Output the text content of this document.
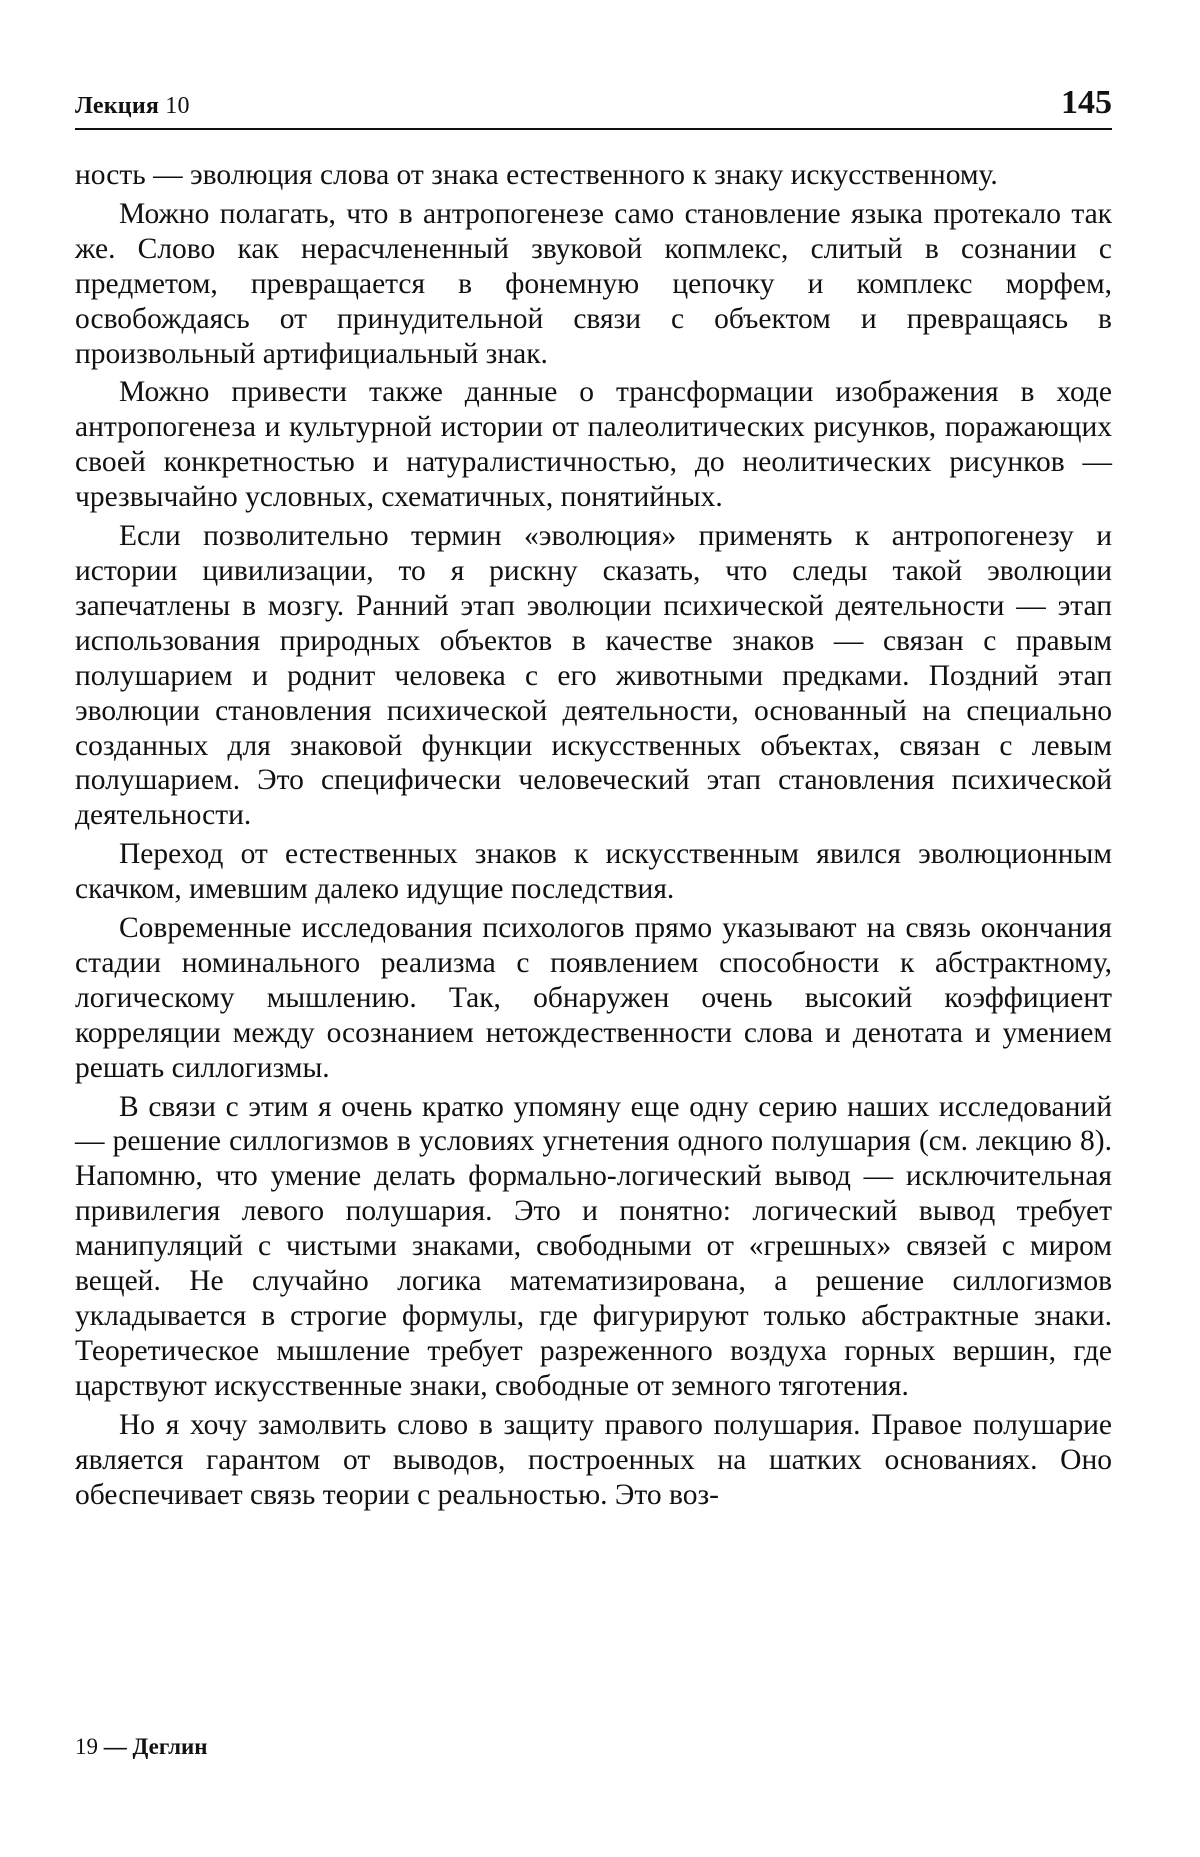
Лекция 10	145

ность — эволюция слова от знака естественного к знаку искусственному.

Можно полагать, что в антропогенезе само становление языка протекало так же. Слово как нерасчлененный звуковой копмлекс, слитый в сознании с предметом, превращается в фонемную цепочку и комплекс морфем, освобождаясь от принудительной связи с объектом и превращаясь в произвольный артифициальный знак.

Можно привести также данные о трансформации изображения в ходе антропогенеза и культурной истории от палеолитических рисунков, поражающих своей конкретностью и натуралистичностью, до неолитических рисунков — чрезвычайно условных, схематичных, понятийных.

Если позволительно термин «эволюция» применять к антропогенезу и истории цивилизации, то я рискну сказать, что следы такой эволюции запечатлены в мозгу. Ранний этап эволюции психической деятельности — этап использования природных объектов в качестве знаков — связан с правым полушарием и роднит человека с его животными предками. Поздний этап эволюции становления психической деятельности, основанный на специально созданных для знаковой функции искусственных объектах, связан с левым полушарием. Это специфически человеческий этап становления психической деятельности.

Переход от естественных знаков к искусственным явился эволюционным скачком, имевшим далеко идущие последствия.

Современные исследования психологов прямо указывают на связь окончания стадии номинального реализма с появлением способности к абстрактному, логическому мышлению. Так, обнаружен очень высокий коэффициент корреляции между осознанием нетождественности слова и денотата и умением решать силлогизмы.

В связи с этим я очень кратко упомяну еще одну серию наших исследований — решение силлогизмов в условиях угнетения одного полушария (см. лекцию 8). Напомню, что умение делать формально-логический вывод — исключительная привилегия левого полушария. Это и понятно: логический вывод требует манипуляций с чистыми знаками, свободными от «грешных» связей с миром вещей. Не случайно логика математизирована, а решение силлогизмов укладывается в строгие формулы, где фигурируют только абстрактные знаки. Теоретическое мышление требует разреженного воздуха горных вершин, где царствуют искусственные знаки, свободные от земного тяготения.

Но я хочу замолвить слово в защиту правого полушария. Правое полушарие является гарантом от выводов, построенных на шатких основаниях. Оно обеспечивает связь теории с реальностью. Это воз-

19 — Деглин
